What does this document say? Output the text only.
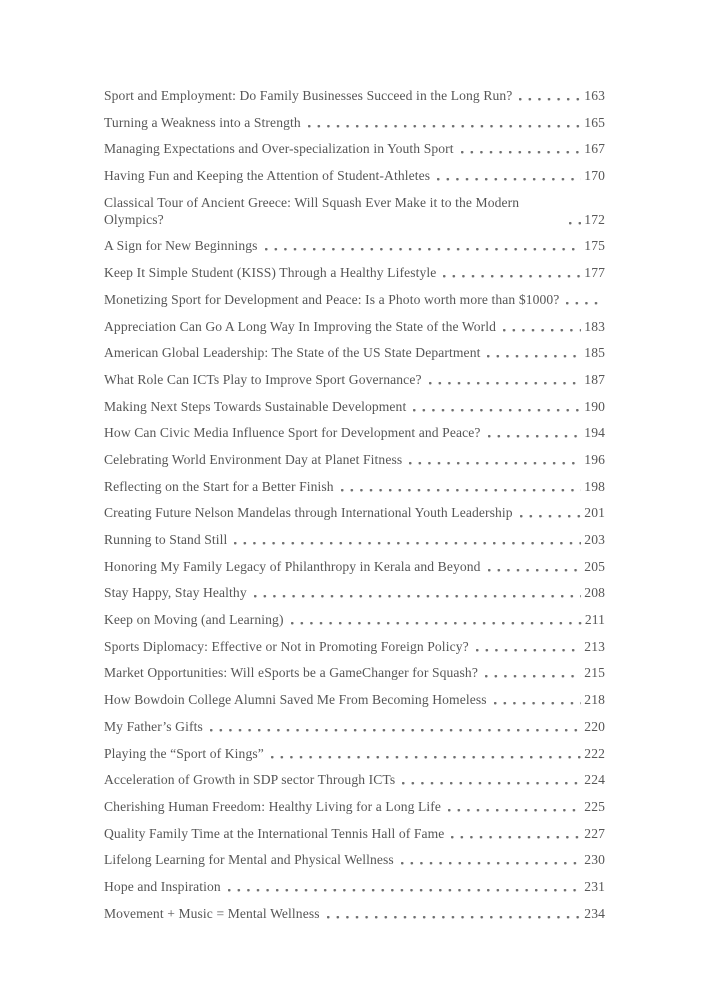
Sport and Employment: Do Family Businesses Succeed in the Long Run?	163
Turning a Weakness into a Strength	165
Managing Expectations and Over-specialization in Youth Sport	167
Having Fun and Keeping the Attention of Student-Athletes	170
Classical Tour of Ancient Greece: Will Squash Ever Make it to the Modern Olympics?	172
A Sign for New Beginnings	175
Keep It Simple Student (KISS) Through a Healthy Lifestyle	177
Monetizing Sport for Development and Peace: Is a Photo worth more than $1000?
Appreciation Can Go A Long Way In Improving the State of the World	183
American Global Leadership: The State of the US State Department	185
What Role Can ICTs Play to Improve Sport Governance?	187
Making Next Steps Towards Sustainable Development	190
How Can Civic Media Influence Sport for Development and Peace?	194
Celebrating World Environment Day at Planet Fitness	196
Reflecting on the Start for a Better Finish	198
Creating Future Nelson Mandelas through International Youth Leadership	201
Running to Stand Still	203
Honoring My Family Legacy of Philanthropy in Kerala and Beyond	205
Stay Happy, Stay Healthy	208
Keep on Moving (and Learning)	211
Sports Diplomacy: Effective or Not in Promoting Foreign Policy?	213
Market Opportunities: Will eSports be a GameChanger for Squash?	215
How Bowdoin College Alumni Saved Me From Becoming Homeless	218
My Father’s Gifts	220
Playing the “Sport of Kings”	222
Acceleration of Growth in SDP sector Through ICTs	224
Cherishing Human Freedom: Healthy Living for a Long Life	225
Quality Family Time at the International Tennis Hall of Fame	227
Lifelong Learning for Mental and Physical Wellness	230
Hope and Inspiration	231
Movement + Music = Mental Wellness	234
